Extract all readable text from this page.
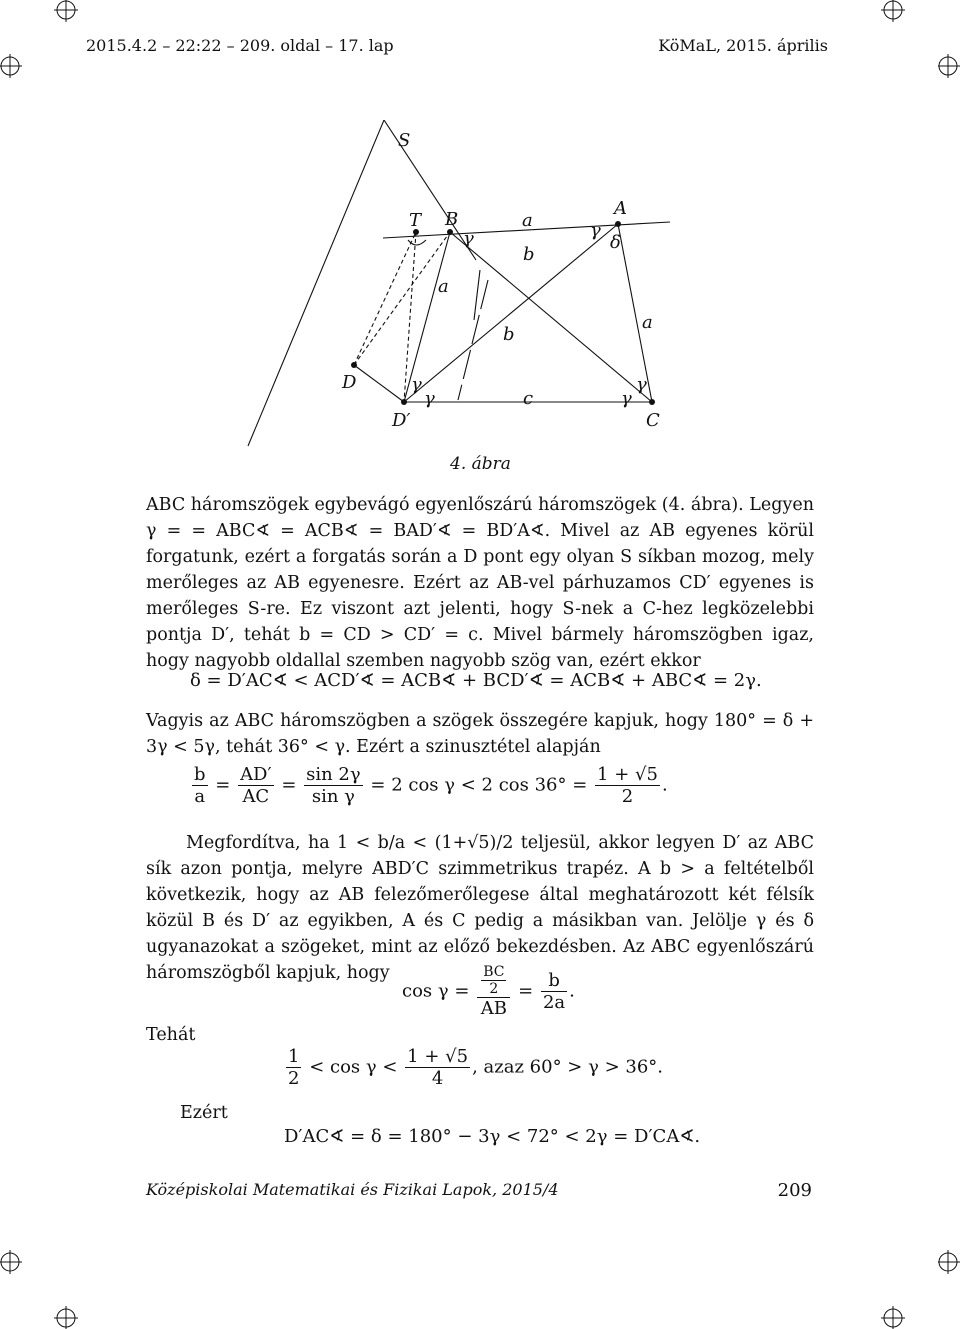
2015.4.2 – 22:22 – 209. oldal – 17. lap	KöMaL, 2015. április
S
T B
A
D
D′	C
a
a
a
b
b
c
γ	γ
γ
γ
γ
γ
δ
4. ábra

ABC háromszögek egybevágó egyenlőszárú háromszögek (4. ábra). Legyen γ = = ABC∢ = ACB∢ = BAD′∢ = BD′A∢. Mivel az AB egyenes körül forgatunk, ezért a forgatás során a D pont egy olyan S síkban mozog, mely merőleges az AB egyenesre. Ezért az AB-vel párhuzamos CD′ egyenes is merőleges S-re. Ez viszont azt jelenti, hogy S-nek a C-hez legközelebbi pontja D′, tehát b = CD > CD′ = c. Mivel bármely háromszögben igaz, hogy nagyobb oldallal szemben nagyobb szög van, ezért ekkor

δ = D′AC∢ < ACD′∢ = ACB∢ + BCD′∢ = ACB∢ + ABC∢ = 2γ.

Vagyis az ABC háromszögben a szögek összegére kapjuk, hogy 180° = δ + 3γ < 5γ, tehát 36° < γ. Ezért a szinusztétel alapján

$\frac{b}{a} = \frac{AD'}{AC} = \frac{\sin 2\gamma}{\text{sin γ}} = 2$ cos γ < 2 $\cos 36^\circ = \frac{1 + √5}{2}$ .

Megfordítva, ha 1 < b/a < (1+√5)/2 teljesül, akkor legyen D′ az ABC sík azon pontja, melyre ABD′C szimmetrikus trapéz. A b > a feltételből következik, hogy az AB felezőmerőlegese által meghatározott két félsík közül B és D′ az egyikben, A és C pedig a másikban van. Jelölje γ és δ ugyanazokat a szögeket, mint az előző bekezdésben. Az ABC egyenlőszárú háromszögből kapjuk, hogy

$\cos \gamma = \frac{\frac{BC}{2}}{AB} = \frac{b}{2a}$ .
Tehát
$\frac{1}{2} < \cos \gamma < \frac{1 + √5}{4}$ , azaz 60° > γ > 36°.
Ezért
D′AC∢ = δ = 180° − 3γ < 72° < 2γ = D′CA∢.
Középiskolai Matematikai és Fizikai Lapok, 2015/4	209
